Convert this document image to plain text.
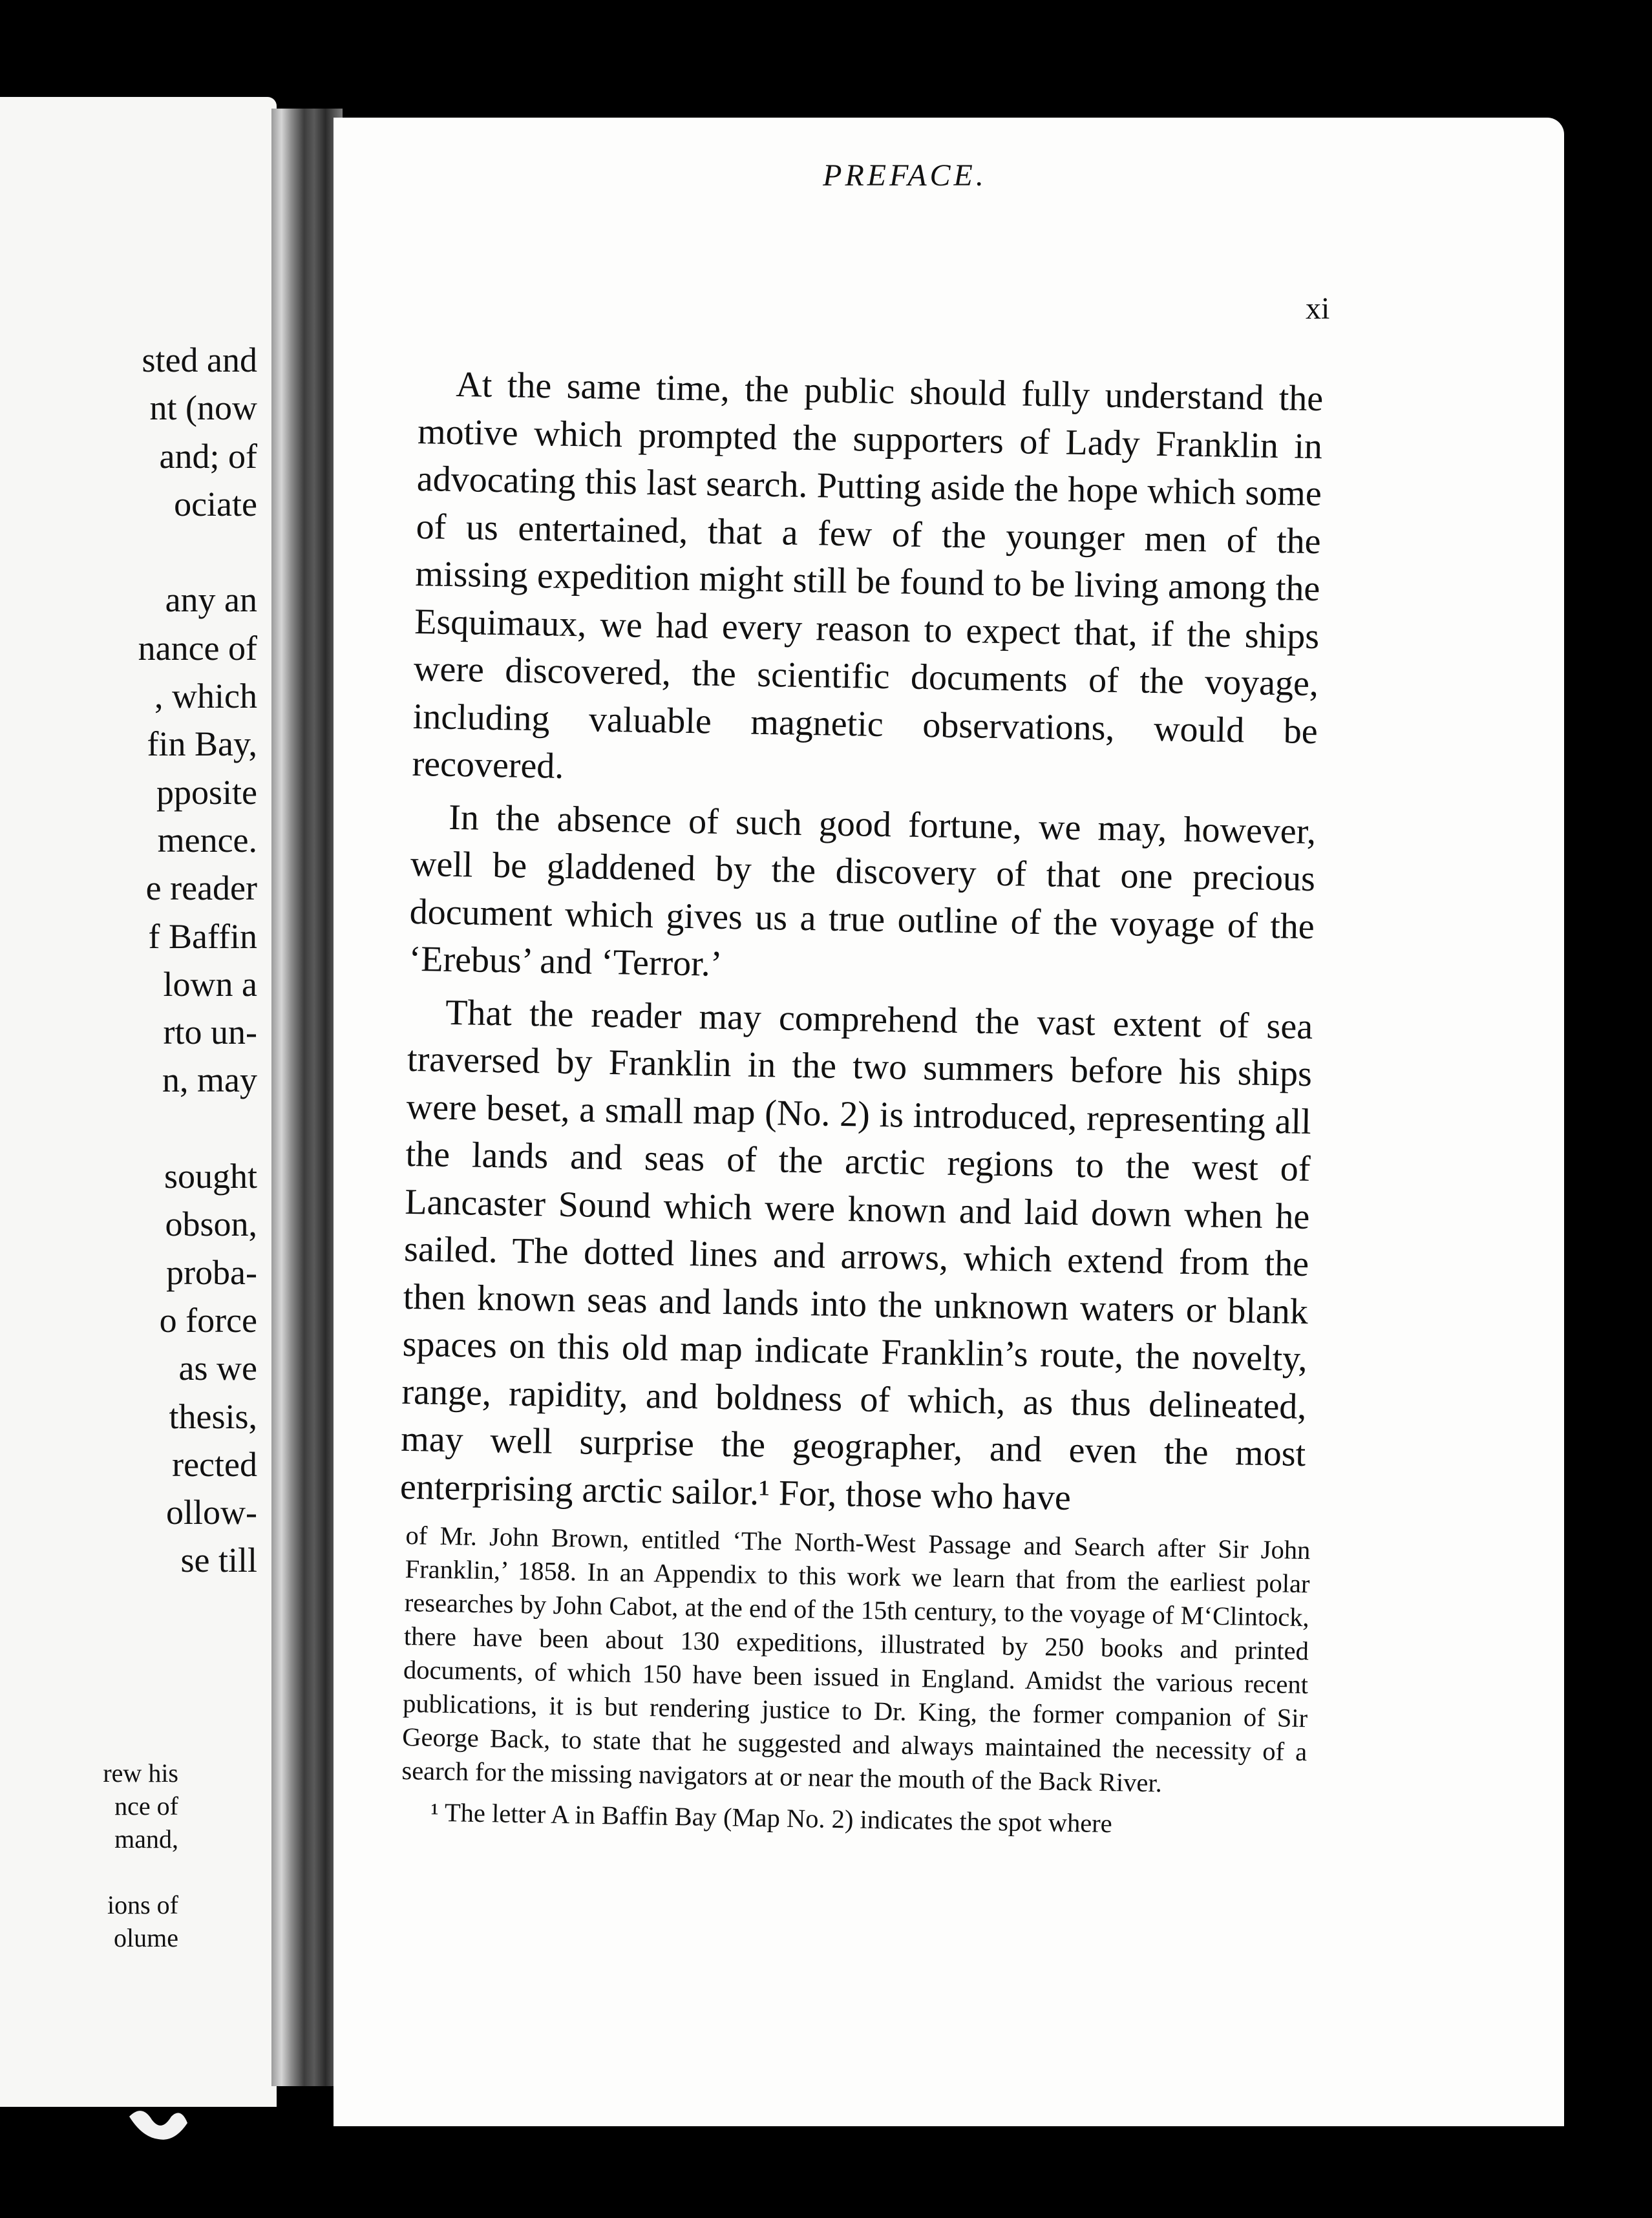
sted and
nt (now
and; of
ociate

any an
nance of
, which
fin Bay,
pposite
mence.
e reader
f Baffin
lown a
rto un-
n, may

sought
obson,
proba-
o force
as we
thesis,
rected
ollow-
se till
rew his
nce of
mand,

ions of
olume
PREFACE.
xi

At the same time, the public should fully understand the motive which prompted the supporters of Lady Franklin in advocating this last search. Putting aside the hope which some of us entertained, that a few of the younger men of the missing expedition might still be found to be living among the Esquimaux, we had every reason to expect that, if the ships were discovered, the scientific documents of the voyage, including valuable magnetic observations, would be recovered.

In the absence of such good fortune, we may, however, well be gladdened by the discovery of that one precious document which gives us a true outline of the voyage of the ‘Erebus’ and ‘Terror.’

That the reader may comprehend the vast extent of sea traversed by Franklin in the two summers before his ships were beset, a small map (No. 2) is introduced, representing all the lands and seas of the arctic regions to the west of Lancaster Sound which were known and laid down when he sailed. The dotted lines and arrows, which extend from the then known seas and lands into the unknown waters or blank spaces on this old map indicate Franklin’s route, the novelty, range, rapidity, and boldness of which, as thus delineated, may well surprise the geographer, and even the most enterprising arctic sailor.¹ For, those who have

of Mr. John Brown, entitled ‘The North-West Passage and Search after Sir John Franklin,’ 1858. In an Appendix to this work we learn that from the earliest polar researches by John Cabot, at the end of the 15th century, to the voyage of M‘Clintock, there have been about 130 expeditions, illustrated by 250 books and printed documents, of which 150 have been issued in England. Amidst the various recent publications, it is but rendering justice to Dr. King, the former companion of Sir George Back, to state that he suggested and always maintained the necessity of a search for the missing navigators at or near the mouth of the Back River.

¹ The letter A in Baffin Bay (Map No. 2) indicates the spot where
